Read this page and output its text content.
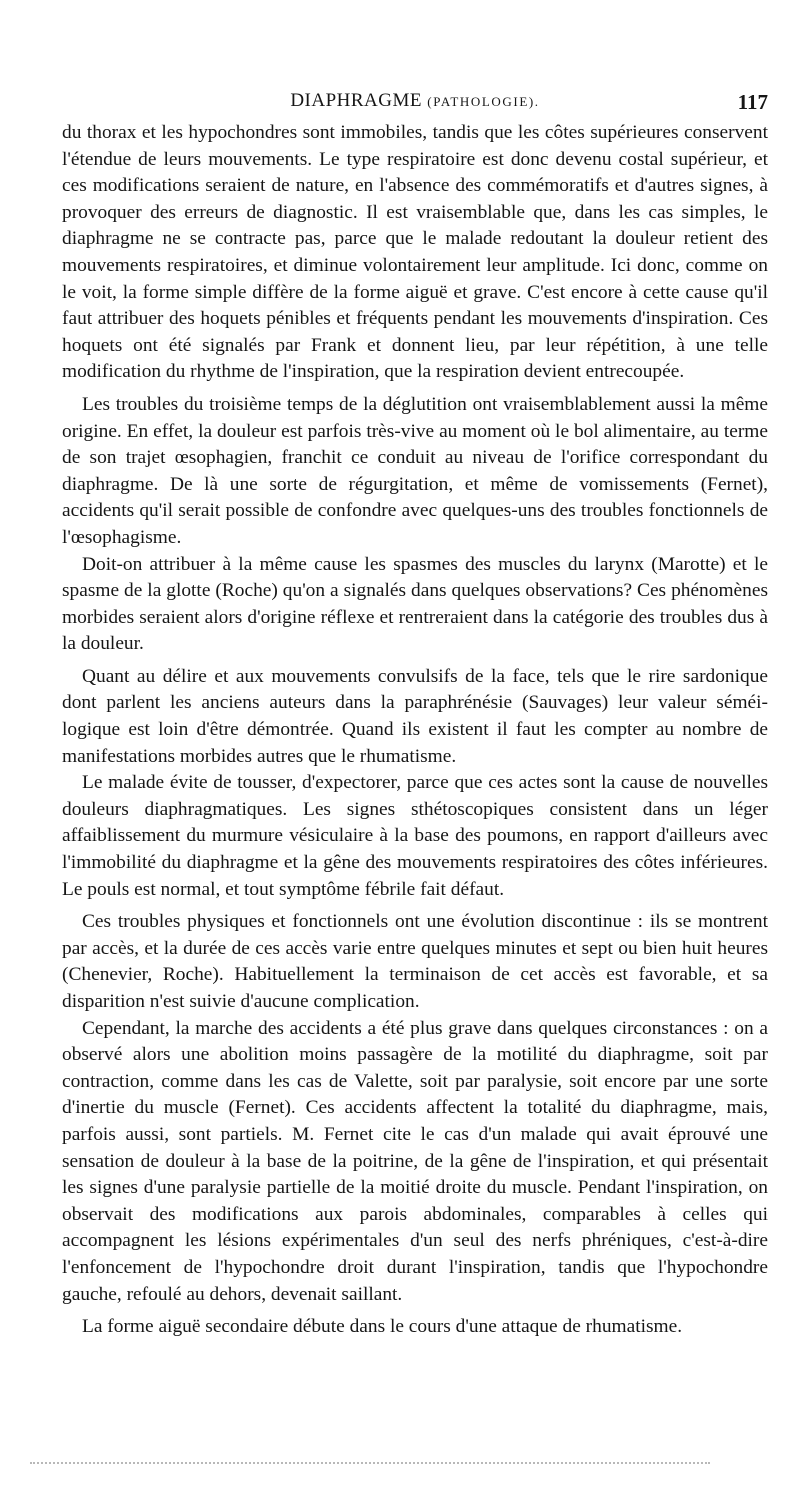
DIAPHRAGME (PATHOLOGIE).	117

du thorax et les hypochondres sont immobiles, tandis que les côtes supérieures conservent l'étendue de leurs mouvements. Le type respiratoire est donc devenu costal supérieur, et ces modifications seraient de nature, en l'absence des commémoratifs et d'autres signes, à provoquer des erreurs de diagnostic. Il est vraisemblable que, dans les cas simples, le diaphragme ne se contracte pas, parce que le malade redoutant la douleur retient des mouvements respiratoires, et diminue volontairement leur amplitude. Ici donc, comme on le voit, la forme simple diffère de la forme aiguë et grave. C'est encore à cette cause qu'il faut attribuer des hoquets pénibles et fréquents pendant les mouvements d'inspiration. Ces hoquets ont été signalés par Frank et donnent lieu, par leur répétition, à une telle modification du rhythme de l'inspiration, que la respiration devient entrecoupée.

Les troubles du troisième temps de la déglutition ont vraisemblablement aussi la même origine. En effet, la douleur est parfois très-vive au moment où le bol alimentaire, au terme de son trajet œsophagien, franchit ce conduit au niveau de l'orifice correspondant du diaphragme. De là une sorte de régurgitation, et même de vomissements (Fernet), accidents qu'il serait possible de confondre avec quelques-uns des troubles fonctionnels de l'œsophagisme.

Doit-on attribuer à la même cause les spasmes des muscles du larynx (Marotte) et le spasme de la glotte (Roche) qu'on a signalés dans quelques observations? Ces phénomènes morbides seraient alors d'origine réflexe et rentreraient dans la catégorie des troubles dus à la douleur.

Quant au délire et aux mouvements convulsifs de la face, tels que le rire sardonique dont parlent les anciens auteurs dans la paraphrénésie (Sauvages) leur valeur séméi-logique est loin d'être démontrée. Quand ils existent il faut les compter au nombre de manifestations morbides autres que le rhumatisme.

Le malade évite de tousser, d'expectorer, parce que ces actes sont la cause de nouvelles douleurs diaphragmatiques. Les signes sthétoscopiques consistent dans un léger affaiblissement du murmure vésiculaire à la base des poumons, en rapport d'ailleurs avec l'immobilité du diaphragme et la gêne des mouvements respiratoires des côtes inférieures. Le pouls est normal, et tout symptôme fébrile fait défaut.

Ces troubles physiques et fonctionnels ont une évolution discontinue : ils se montrent par accès, et la durée de ces accès varie entre quelques minutes et sept ou bien huit heures (Chenevier, Roche). Habituellement la terminaison de cet accès est favorable, et sa disparition n'est suivie d'aucune complication.

Cependant, la marche des accidents a été plus grave dans quelques circonstances : on a observé alors une abolition moins passagère de la motilité du diaphragme, soit par contraction, comme dans les cas de Valette, soit par paralysie, soit encore par une sorte d'inertie du muscle (Fernet). Ces accidents affectent la totalité du diaphragme, mais, parfois aussi, sont partiels. M. Fernet cite le cas d'un malade qui avait éprouvé une sensation de douleur à la base de la poitrine, de la gêne de l'inspiration, et qui présentait les signes d'une paralysie partielle de la moitié droite du muscle. Pendant l'inspiration, on observait des modifications aux parois abdominales, comparables à celles qui accompagnent les lésions expérimentales d'un seul des nerfs phréniques, c'est-à-dire l'enfoncement de l'hypochondre droit durant l'inspiration, tandis que l'hypochondre gauche, refoulé au dehors, devenait saillant.

La forme aiguë secondaire débute dans le cours d'une attaque de rhumatisme.
